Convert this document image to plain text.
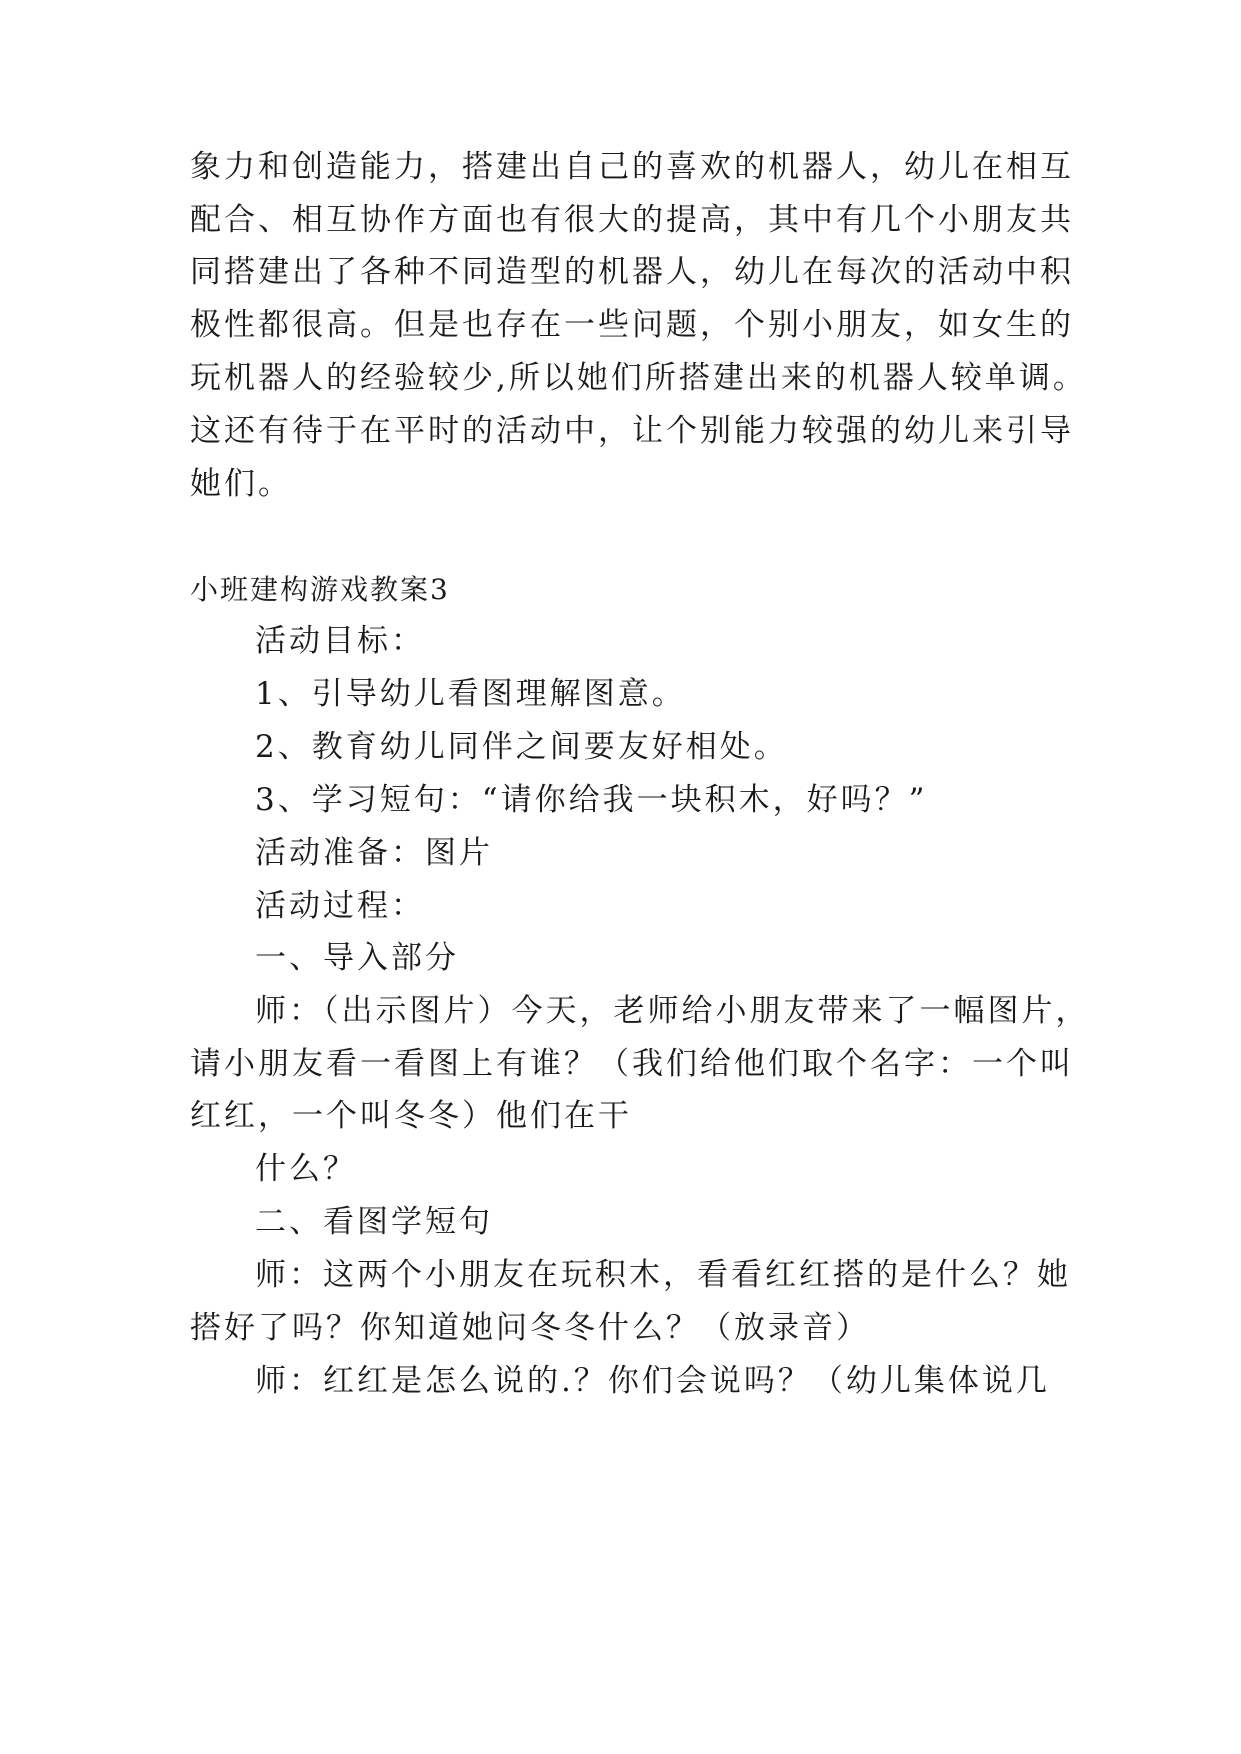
象力和创造能力，搭建出自己的喜欢的机器人，幼儿在相互
配合、相互协作方面也有很大的提高，其中有几个小朋友共
同搭建出了各种不同造型的机器人，幼儿在每次的活动中积
极性都很高。但是也存在一些问题，个别小朋友，如女生的
玩机器人的经验较少,所以她们所搭建出来的机器人较单调。
这还有待于在平时的活动中，让个别能力较强的幼儿来引导
她们。
小班建构游戏教案3
活动目标：
1、引导幼儿看图理解图意。
2、教育幼儿同伴之间要友好相处。
3、学习短句：“请你给我一块积木，好吗？”
活动准备：图片
活动过程：
一、导入部分
师：（出示图片）今天，老师给小朋友带来了一幅图片，
请小朋友看一看图上有谁？（我们给他们取个名字：一个叫
红红，一个叫冬冬）他们在干
什么？
二、看图学短句
师：这两个小朋友在玩积木，看看红红搭的是什么？她
搭好了吗？你知道她问冬冬什么？（放录音）
师：红红是怎么说的.？你们会说吗？（幼儿集体说几
